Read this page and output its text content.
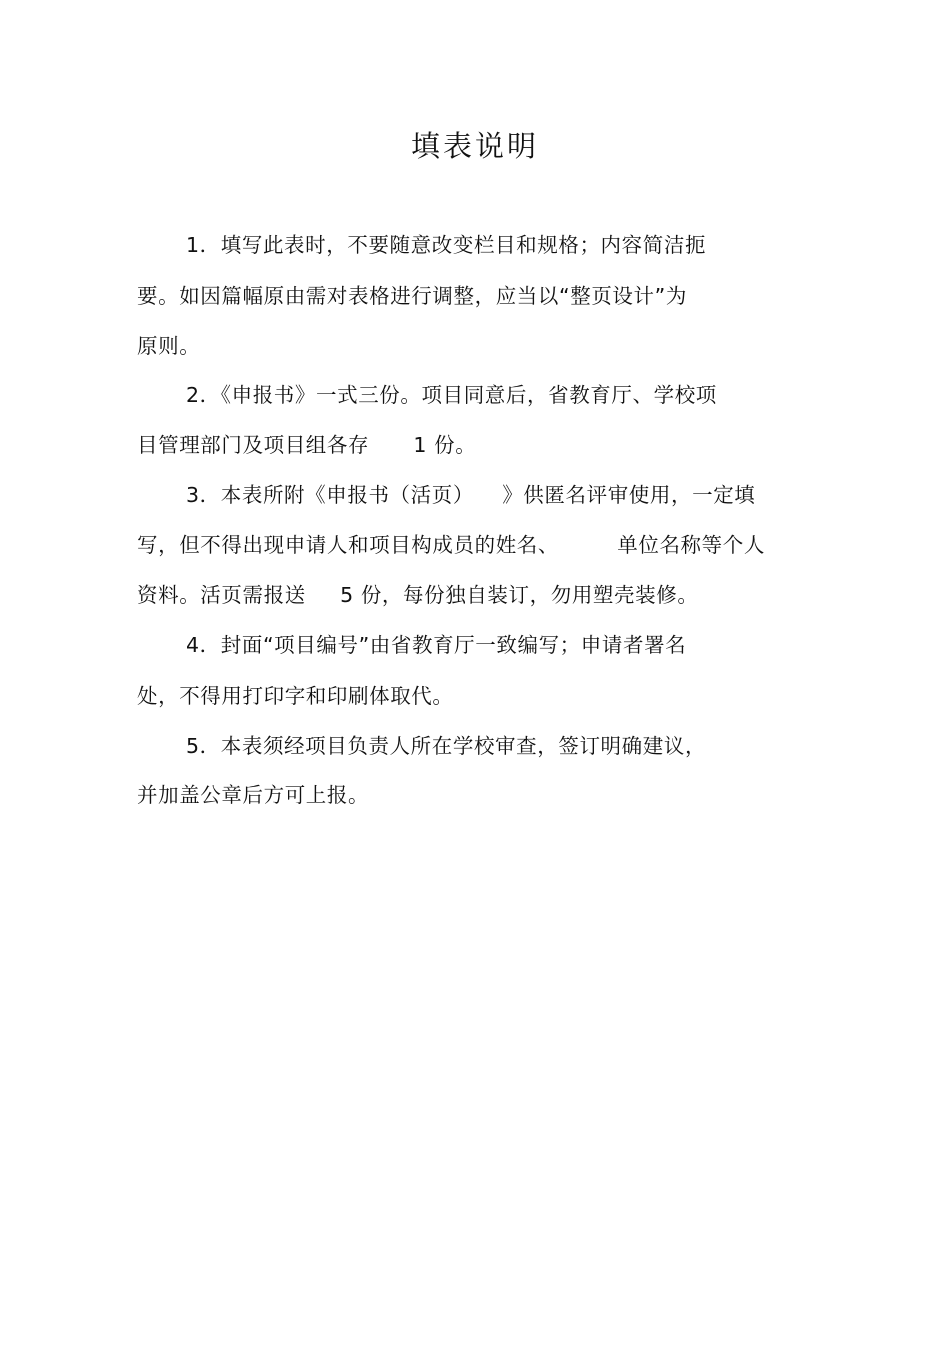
填表说明
1．填写此表时，不要随意改变栏目和规格；内容简洁扼
要。如因篇幅原由需对表格进行调整，应当以“整页设计”为
原则。
2．《申报书》一式三份。项目同意后，省教育厅、学校项
目管理部门及项目组各存 1 份。
3．本表所附《申报书（活页） 》供匿名评审使用，一定填
写，但不得出现申请人和项目构成员的姓名、	单位名称等个人
资料。活页需报送 5 份，每份独自装订，勿用塑壳装修。
4．封面“项目编号”由省教育厅一致编写；申请者署名
处，不得用打印字和印刷体取代。
5．本表须经项目负责人所在学校审查，签订明确建议，
并加盖公章后方可上报。
